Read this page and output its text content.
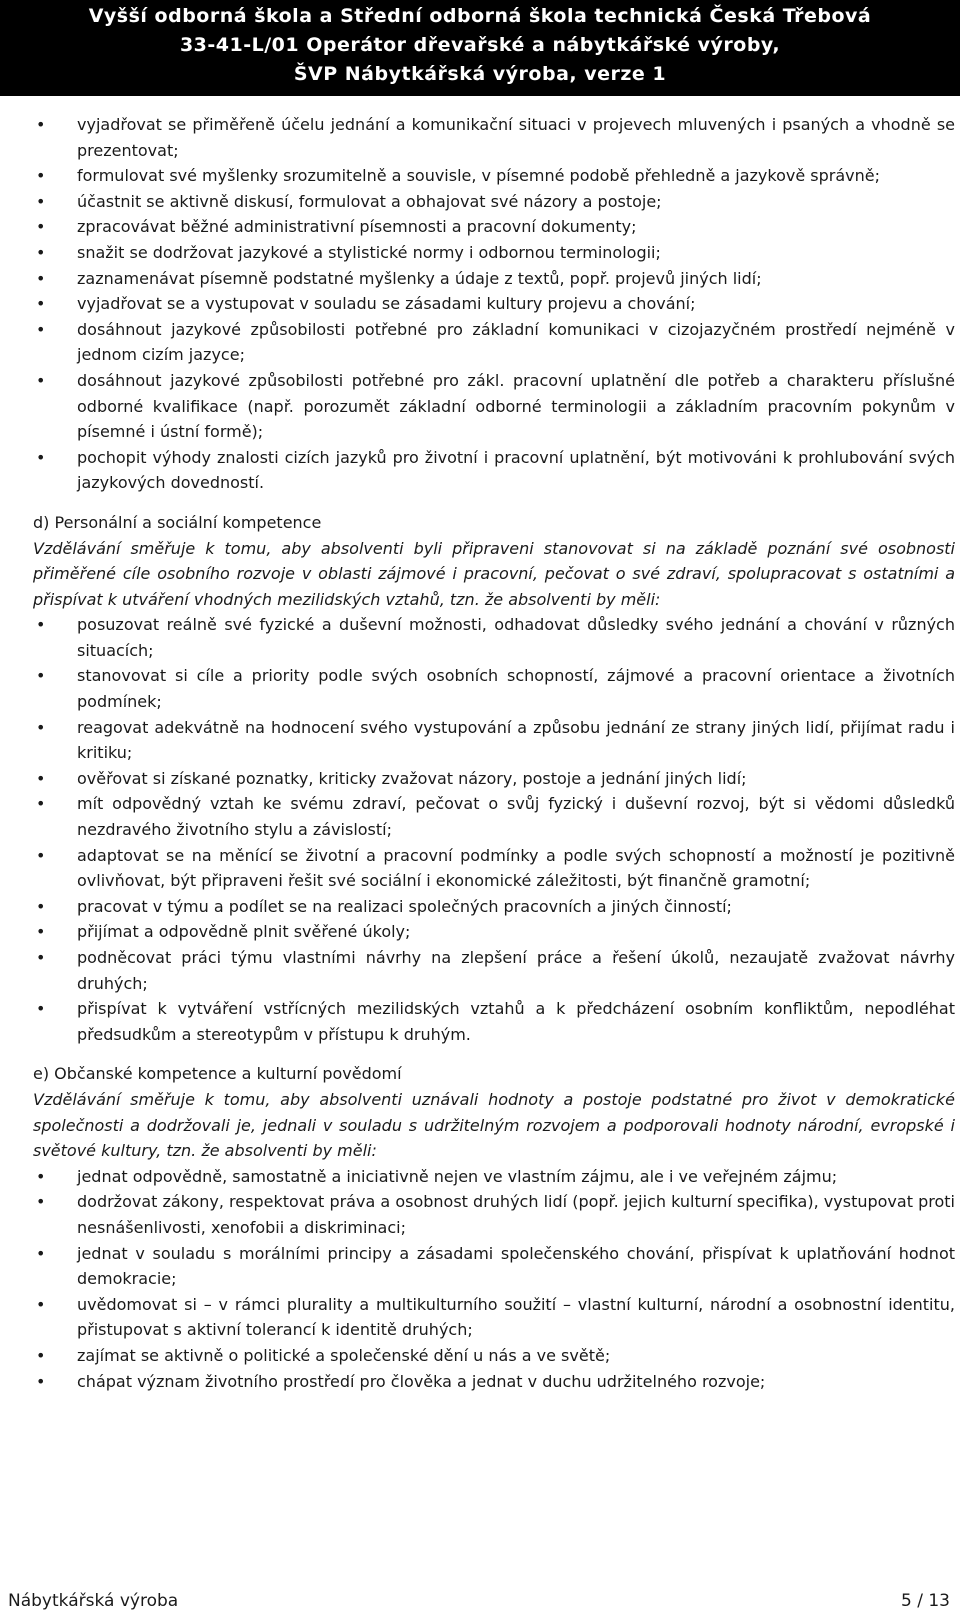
Vyšší odborná škola a Střední odborná škola technická Česká Třebová
33-41-L/01 Operátor dřevařské a nábytkářské výroby,
ŠVP Nábytkářská výroba, verze 1
• vyjadřovat se přiměřeně účelu jednání a komunikační situaci v projevech mluvených i psaných a vhodně se prezentovat;
• formulovat své myšlenky srozumitelně a souvisle, v písemné podobě přehledně a jazykově správně;
• účastnit se aktivně diskusí, formulovat a obhajovat své názory a postoje;
• zpracovávat běžné administrativní písemnosti a pracovní dokumenty;
• snažit se dodržovat jazykové a stylistické normy i odbornou terminologii;
• zaznamenávat písemně podstatné myšlenky a údaje z textů, popř. projevů jiných lidí;
• vyjadřovat se a vystupovat v souladu se zásadami kultury projevu a chování;
• dosáhnout jazykové způsobilosti potřebné pro základní komunikaci v cizojazyčném prostředí nejméně v jednom cizím jazyce;
• dosáhnout jazykové způsobilosti potřebné pro zákl. pracovní uplatnění dle potřeb a charakteru příslušné odborné kvalifikace (např. porozumět základní odborné terminologii a základním pracovním pokynům v písemné i ústní formě);
• pochopit výhody znalosti cizích jazyků pro životní i pracovní uplatnění, být motivováni k prohlubování svých jazykových dovedností.
d) Personální a sociální kompetence
Vzdělávání směřuje k tomu, aby absolventi byli připraveni stanovovat si na základě poznání své osobnosti přiměřené cíle osobního rozvoje v oblasti zájmové i pracovní, pečovat o své zdraví, spolupracovat s ostatními a přispívat k utváření vhodných mezilidských vztahů, tzn. že absolventi by měli:
• posuzovat reálně své fyzické a duševní možnosti, odhadovat důsledky svého jednání a chování v různých situacích;
• stanovovat si cíle a priority podle svých osobních schopností, zájmové a pracovní orientace a životních podmínek;
• reagovat adekvátně na hodnocení svého vystupování a způsobu jednání ze strany jiných lidí, přijímat radu i kritiku;
• ověřovat si získané poznatky, kriticky zvažovat názory, postoje a jednání jiných lidí;
• mít odpovědný vztah ke svému zdraví, pečovat o svůj fyzický i duševní rozvoj, být si vědomi důsledků nezdravého životního stylu a závislostí;
• adaptovat se na měnící se životní a pracovní podmínky a podle svých schopností a možností je pozitivně ovlivňovat, být připraveni řešit své sociální i ekonomické záležitosti, být finančně gramotní;
• pracovat v týmu a podílet se na realizaci společných pracovních a jiných činností;
• přijímat a odpovědně plnit svěřené úkoly;
• podněcovat práci týmu vlastními návrhy na zlepšení práce a řešení úkolů, nezaujatě zvažovat návrhy druhých;
• přispívat k vytváření vstřícných mezilidských vztahů a k předcházení osobním konfliktům, nepodléhat předsudkům a stereotypům v přístupu k druhým.
e) Občanské kompetence a kulturní povědomí
Vzdělávání směřuje k tomu, aby absolventi uznávali hodnoty a postoje podstatné pro život v demokratické společnosti a dodržovali je, jednali v souladu s udržitelným rozvojem a podporovali hodnoty národní, evropské i světové kultury, tzn. že absolventi by měli:
• jednat odpovědně, samostatně a iniciativně nejen ve vlastním zájmu, ale i ve veřejném zájmu;
• dodržovat zákony, respektovat práva a osobnost druhých lidí (popř. jejich kulturní specifika), vystupovat proti nesnášenlivosti, xenofobii a diskriminaci;
• jednat v souladu s morálními principy a zásadami společenského chování, přispívat k uplatňování hodnot demokracie;
• uvědomovat si – v rámci plurality a multikulturního soužití – vlastní kulturní, národní a osobnostní identitu, přistupovat s aktivní tolerancí k identitě druhých;
• zajímat se aktivně o politické a společenské dění u nás a ve světě;
• chápat význam životního prostředí pro člověka a jednat v duchu udržitelného rozvoje;
Nábytkářská výroba	5 / 13
